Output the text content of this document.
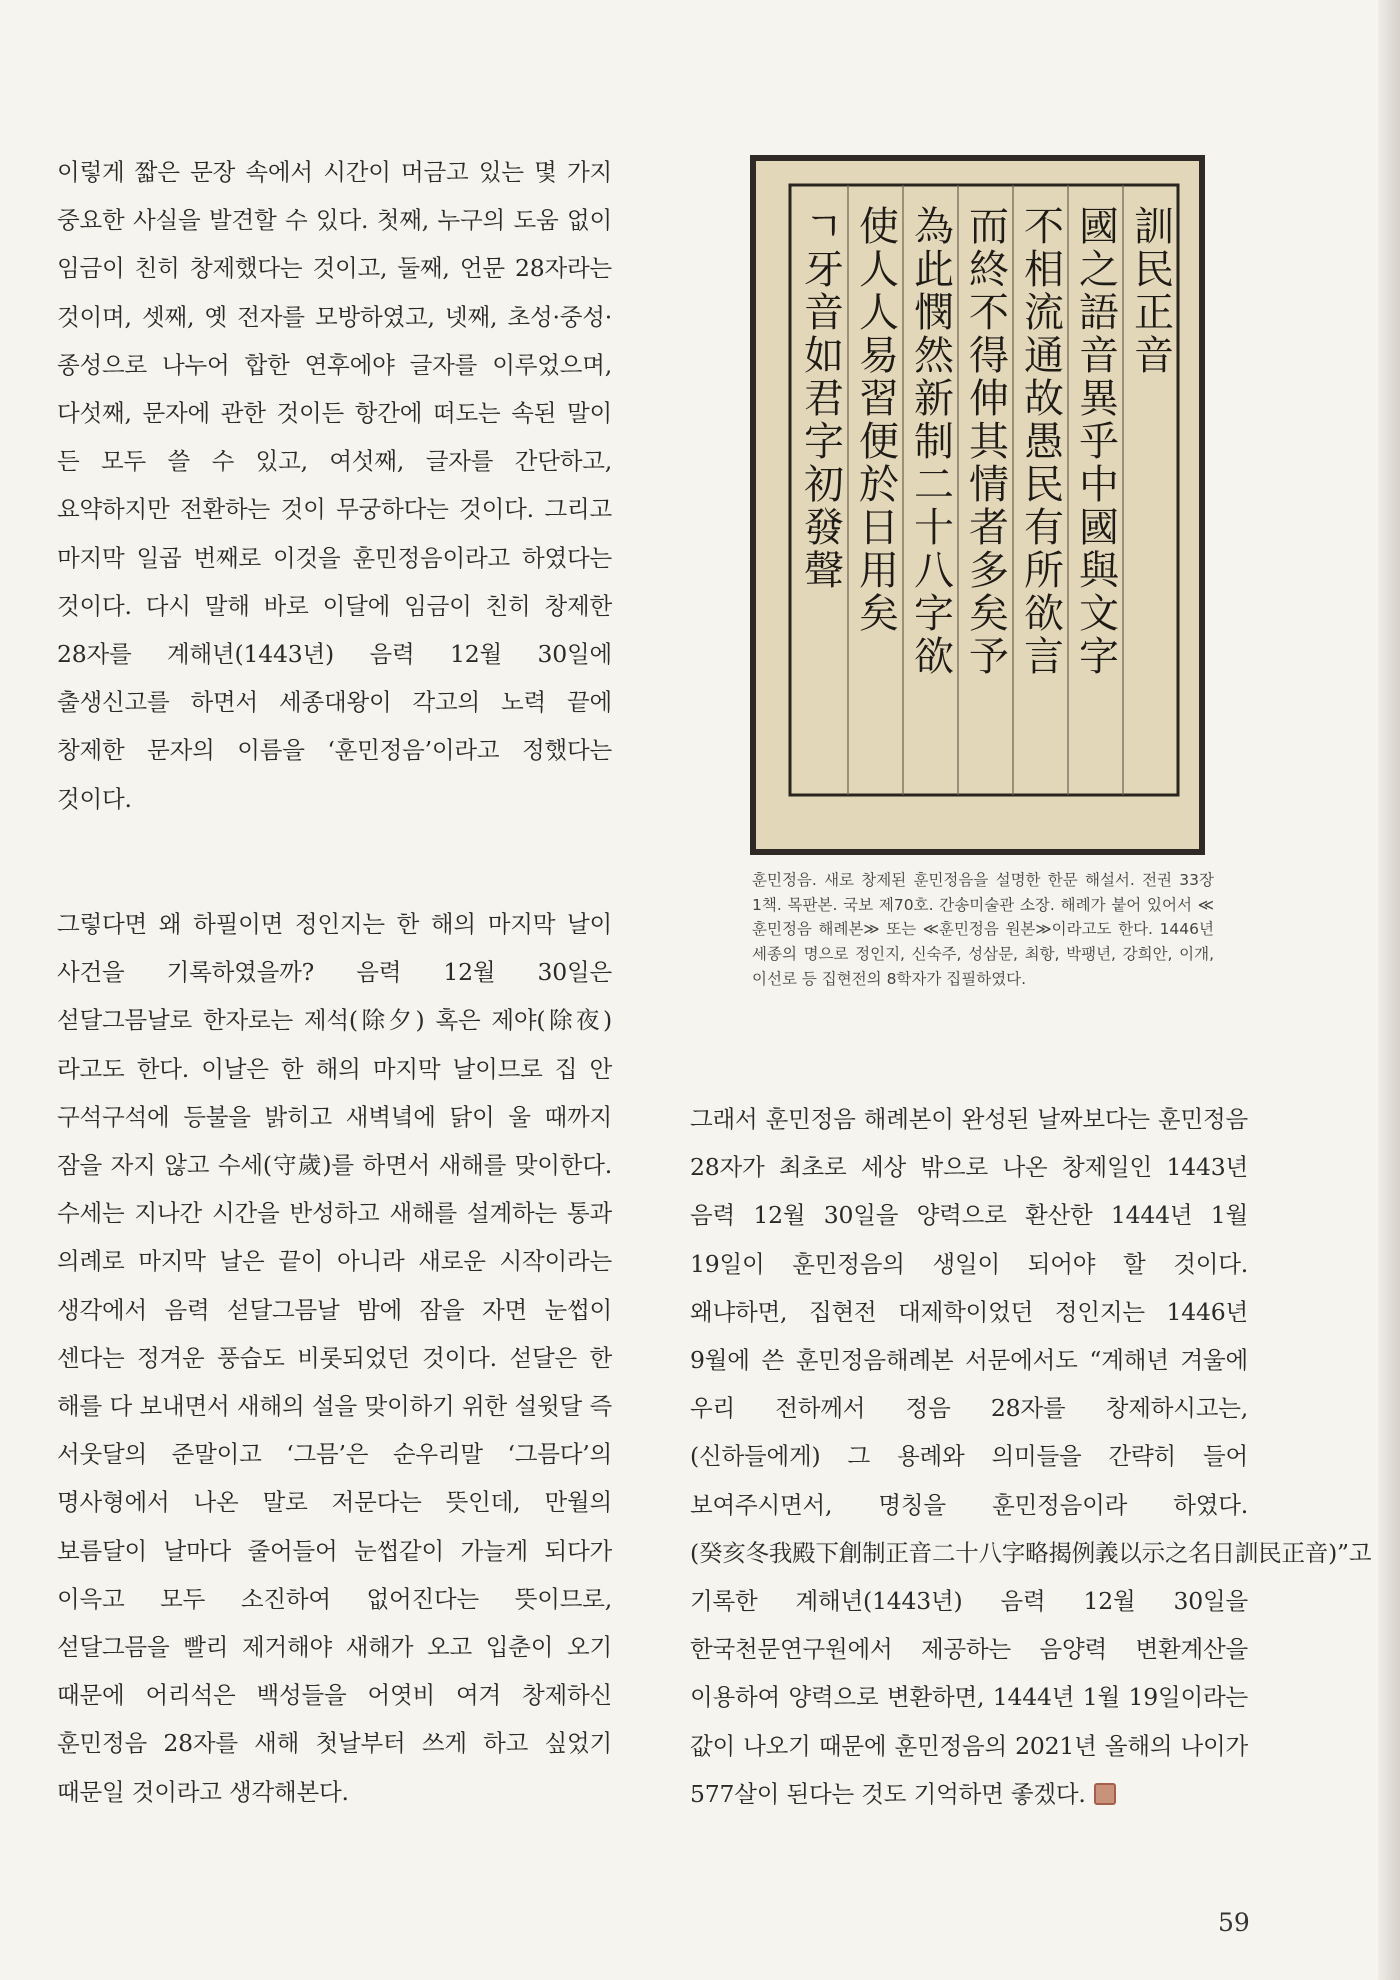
이렇게 짧은 문장 속에서 시간이 머금고 있는 몇 가지 중요한 사실을 발견할 수 있다. 첫째, 누구의 도움 없이 임금이 친히 창제했다는 것이고, 둘째, 언문 28자라는 것이며, 셋째, 옛 전자를 모방하였고, 넷째, 초성·중성·종성으로 나누어 합한 연후에야 글자를 이루었으며, 다섯째, 문자에 관한 것이든 항간에 떠도는 속된 말이 든 모두 쓸 수 있고, 여섯째, 글자를 간단하고, 요약하지만 전환하는 것이 무궁하다는 것이다. 그리고 마지막 일곱 번째로 이것을 훈민정음이라고 하였다는 것이다. 다시 말해 바로 이달에 임금이 친히 창제한 28자를 계해년(1443년) 음력 12월 30일에 출생신고를 하면서 세종대왕이 각고의 노력 끝에 창제한 문자의 이름을 ‘훈민정음’이라고 정했다는 것이다.

그렇다면 왜 하필이면 정인지는 한 해의 마지막 날이 사건을 기록하였을까? 음력 12월 30일은 섣달그믐날로 한자로는 제석(除夕) 혹은 제야(除夜)라고도 한다. 이날은 한 해의 마지막 날이므로 집 안 구석구석에 등불을 밝히고 새벽녘에 닭이 울 때까지 잠을 자지 않고 수세(守歲)를 하면서 새해를 맞이한다. 수세는 지나간 시간을 반성하고 새해를 설계하는 통과 의례로 마지막 날은 끝이 아니라 새로운 시작이라는 생각에서 음력 섣달그믐날 밤에 잠을 자면 눈썹이 센다는 정겨운 풍습도 비롯되었던 것이다. 섣달은 한 해를 다 보내면서 새해의 설을 맞이하기 위한 설윗달 즉 서웃달의 준말이고 ‘그믐’은 순우리말 ‘그믐다’의 명사형에서 나온 말로 저문다는 뜻인데, 만월의 보름달이 날마다 줄어들어 눈썹같이 가늘게 되다가 이윽고 모두 소진하여 없어진다는 뜻이므로, 섣달그믐을 빨리 제거해야 새해가 오고 입춘이 오기 때문에 어리석은 백성들을 어엿비 여겨 창제하신 훈민정음 28자를 새해 첫날부터 쓰게 하고 싶었기 때문일 것이라고 생각해본다.

그래서 훈민정음 해례본이 완성된 날짜보다는 훈민정음 28자가 최초로 세상 밖으로 나온 창제일인 1443년 음력 12월 30일을 양력으로 환산한 1444년 1월 19일이 훈민정음의 생일이 되어야 할 것이다. 왜냐하면, 집현전 대제학이었던 정인지는 1446년 9월에 쓴 훈민정음해례본 서문에서도 “계해년 겨울에 우리 전하께서 정음 28자를 창제하시고는, (신하들에게) 그 용례와 의미들을 간략히 들어 보여주시면서, 명칭을 훈민정음이라 하였다.(癸亥冬我殿下創制正音二十八字略揭例義以示之名日訓民正音)”고 기록한 계해년(1443년) 음력 12월 30일을 한국천문연구원에서 제공하는 음양력 변환계산을 이용하여 양력으로 변환하면, 1444년 1월 19일이라는 값이 나오기 때문에 훈민정음의 2021년 올해의 나이가 577살이 된다는 것도 기억하면 좋겠다.

訓民正音
國之語音異乎中國與文字
不相流通故愚民有所欲言
而終不得伸其情者多矣予
為此憫然新制二十八字欲
使人人易習便於日用矣
ㄱ牙音如君字初發聲

훈민정음. 새로 창제된 훈민정음을 설명한 한문 해설서. 전권 33장 1책. 목판본. 국보 제70호. 간송미술관 소장. 해례가 붙어 있어서 ≪훈민정음 해례본≫ 또는 ≪훈민정음 원본≫이라고도 한다. 1446년 세종의 명으로 정인지, 신숙주, 성삼문, 최항, 박팽년, 강희안, 이개, 이선로 등 집현전의 8학자가 집필하였다.

59
